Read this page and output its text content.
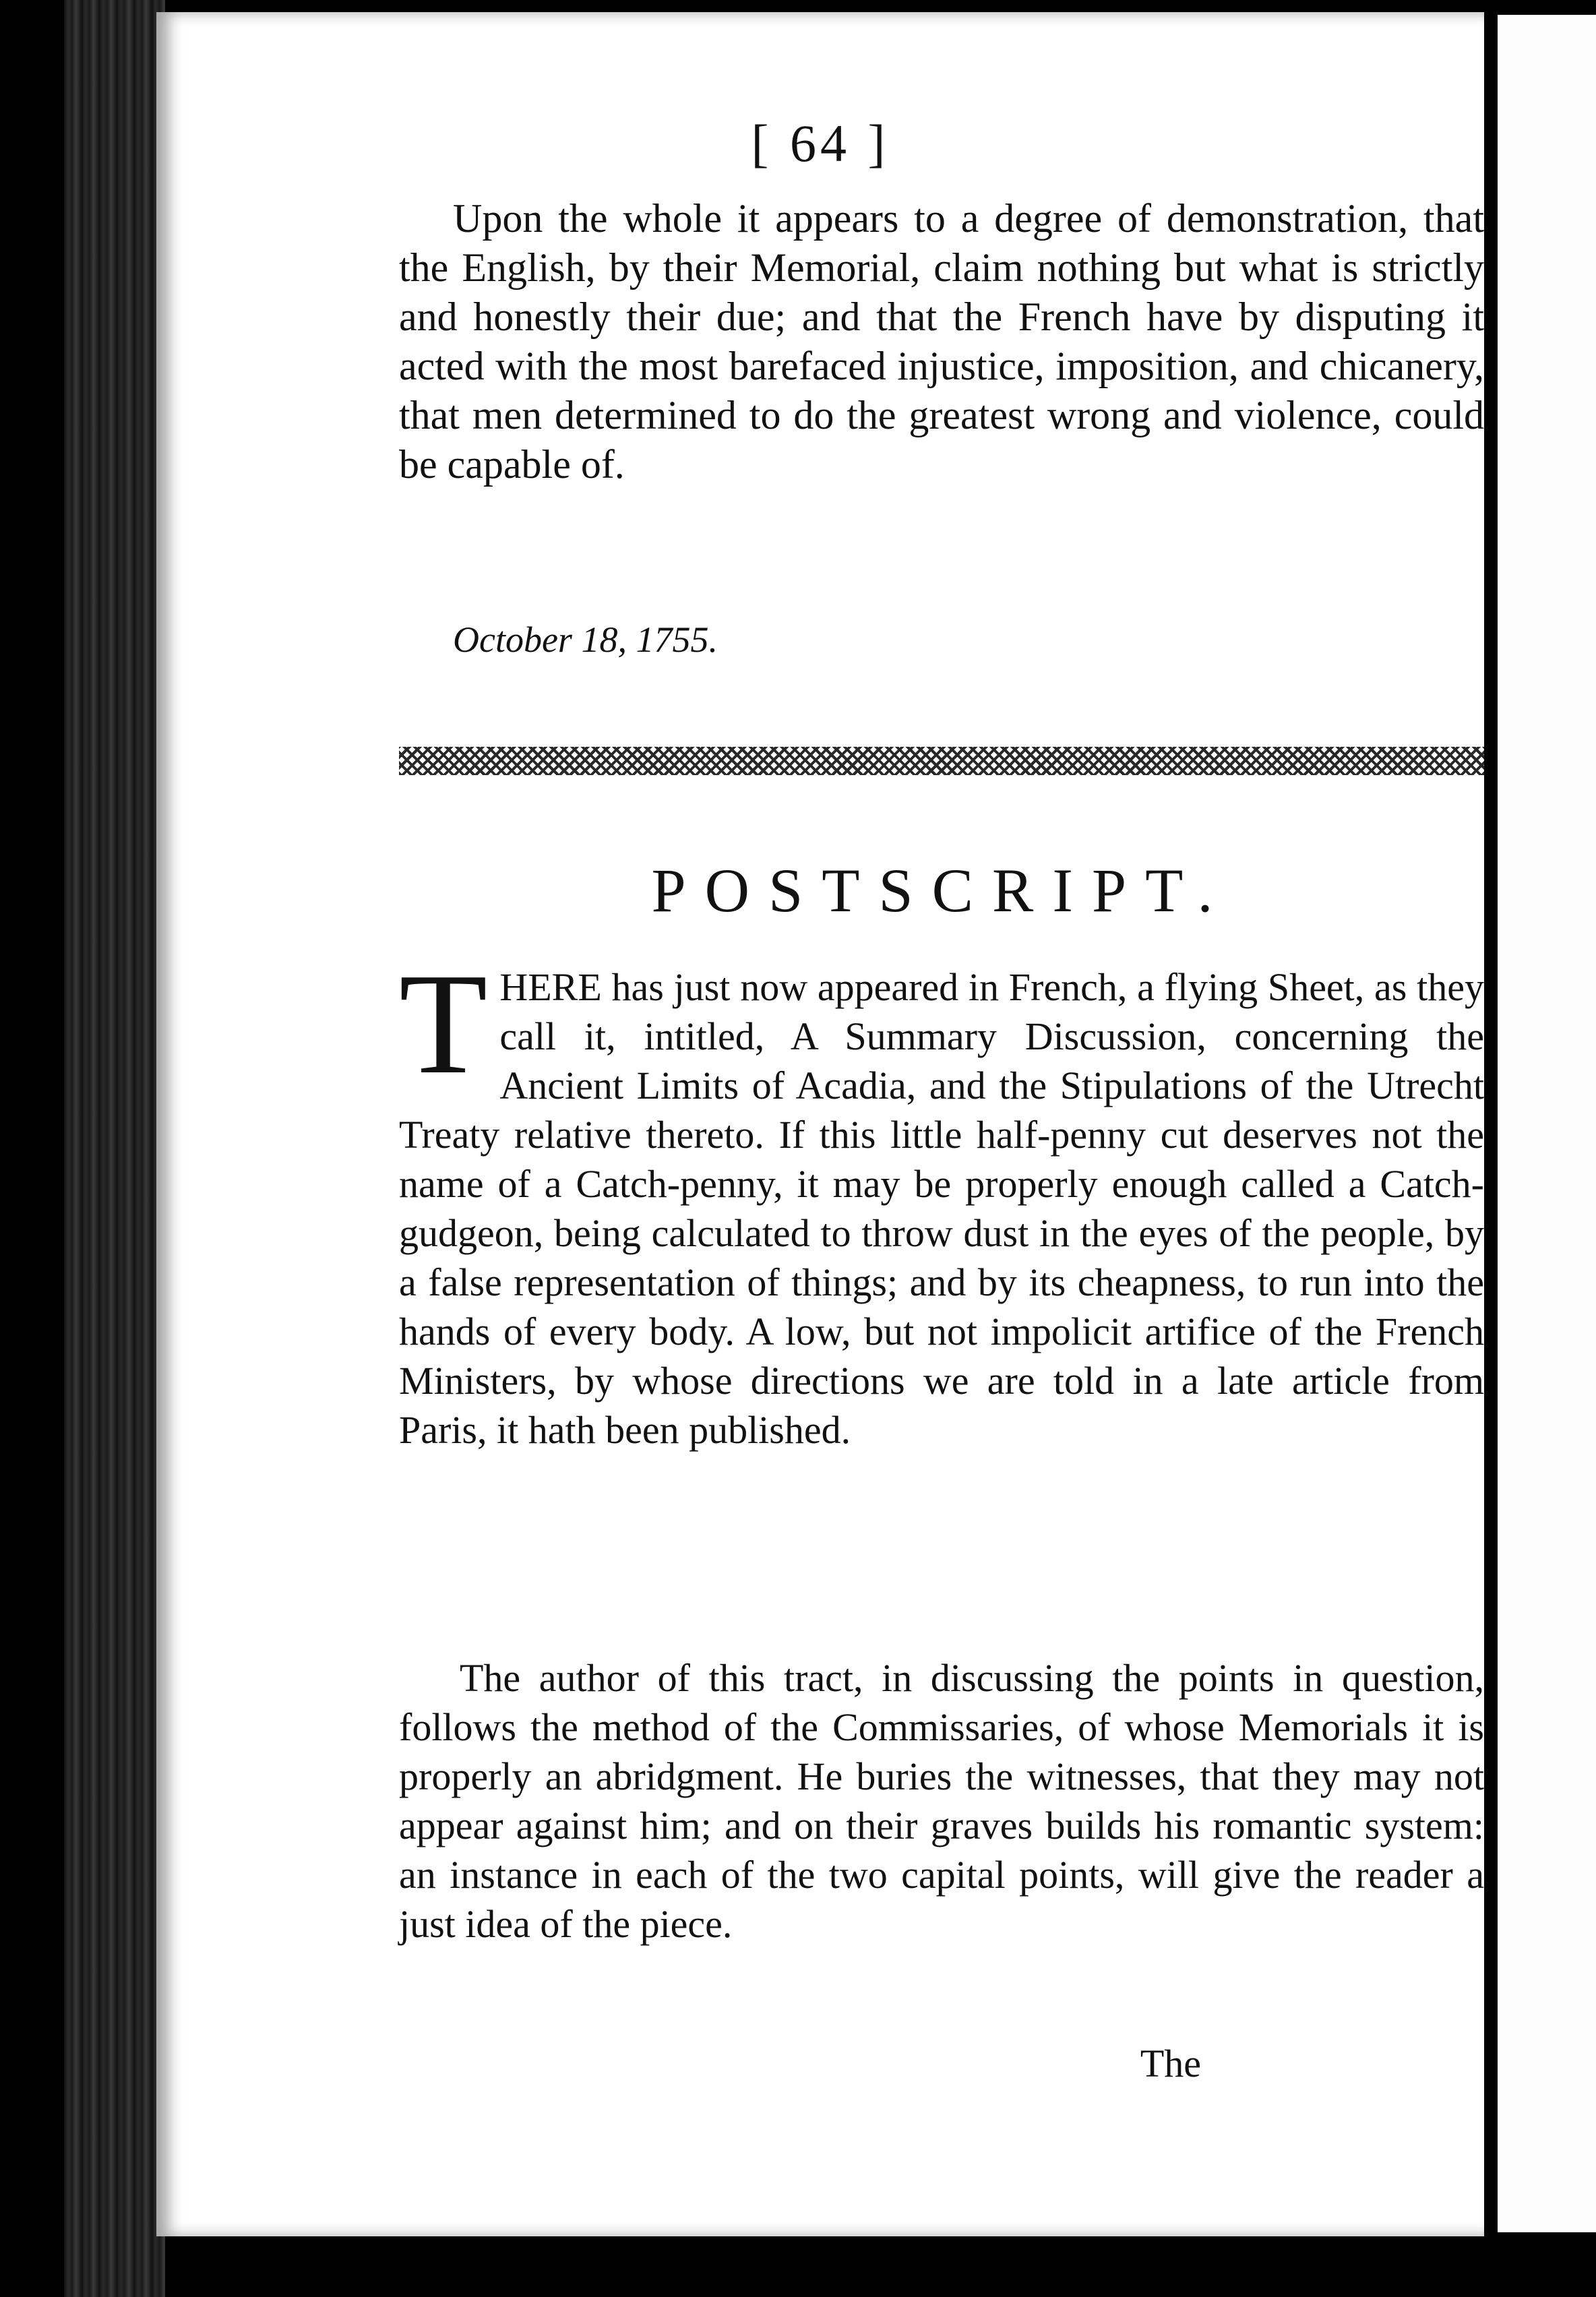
[ 64 ]
Upon the whole it appears to a degree of demonstration, that the English, by their Memorial, claim nothing but what is strictly and honestly their due; and that the French have by disputing it acted with the most barefaced injustice, imposition, and chicanery, that men determined to do the greatest wrong and violence, could be capable of.
October 18, 1755.
POSTSCRIPT.
T HERE has just now appeared in French, a flying Sheet, as they call it, intitled, A Summary Discussion, concerning the Ancient Limits of Acadia, and the Stipulations of the Utrecht Treaty relative thereto. If this little half-penny cut deserves not the name of a Catch-penny, it may be properly enough called a Catch-gudgeon, being calculated to throw dust in the eyes of the people, by a false representation of things; and by its cheapness, to run into the hands of every body. A low, but not impolicit artifice of the French Ministers, by whose directions we are told in a late article from Paris, it hath been published.
The author of this tract, in discussing the points in question, follows the method of the Commissaries, of whose Memorials it is properly an abridgment. He buries the witnesses, that they may not appear against him; and on their graves builds his romantic system: an instance in each of the two capital points, will give the reader a just idea of the piece.
The
